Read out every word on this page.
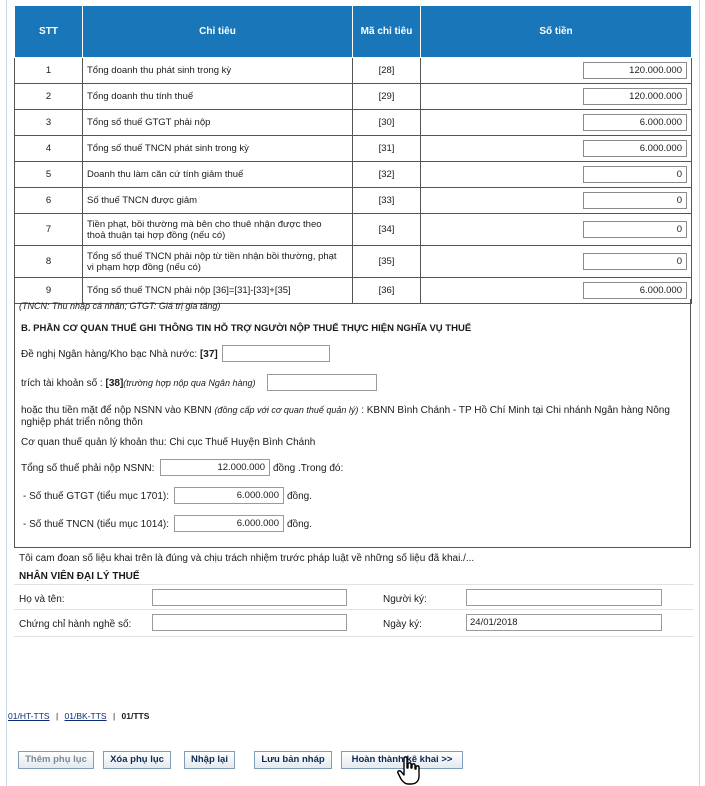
STT	Chỉ tiêu	Mã chỉ tiêu	Số tiền
1	Tổng doanh thu phát sinh trong kỳ	[28]	120.000.000
2	Tổng doanh thu tính thuế	[29]	120.000.000
3	Tổng số thuế GTGT phải nộp	[30]	6.000.000
4	Tổng số thuế TNCN phát sinh trong kỳ	[31]	6.000.000
5	Doanh thu làm căn cứ tính giảm thuế	[32]	0
6	Số thuế TNCN được giảm	[33]	0
7	Tiền phạt, bồi thường mà bên cho thuê nhận được theo
thoả thuận tại hợp đồng (nếu có)	[34]	0
8	Tổng số thuế TNCN phải nộp từ tiền nhận bồi thường, phạt
vi phạm hợp đồng (nếu có)	[35]	0
9	Tổng số thuế TNCN phải nộp [36]=[31]-[33]+[35]	[36]	6.000.000
(TNCN: Thu nhập cá nhân; GTGT: Giá trị gia tăng)
B. PHẦN CƠ QUAN THUẾ GHI THÔNG TIN HỖ TRỢ NGƯỜI NỘP THUẾ THỰC HIỆN NGHĨA VỤ THUẾ
Đề nghị Ngân hàng/Kho bạc Nhà nước: [37]
trích tài khoản số : [38](trường hợp nộp qua Ngân hàng)
hoặc thu tiền mặt để nộp NSNN vào KBNN (đồng cấp với cơ quan thuế quản lý) : KBNN Bình Chánh - TP Hồ Chí Minh tại Chi nhánh Ngân hàng Nông
nghiệp phát triển nông thôn
Cơ quan thuế quản lý khoản thu: Chi cục Thuế Huyện Bình Chánh
Tổng số thuế phải nộp NSNN:	12.000.000 đồng .Trong đó:
- Số thuế GTGT (tiểu mục 1701):	6.000.000 đồng.
- Số thuế TNCN (tiểu mục 1014):	6.000.000 đồng.
Tôi cam đoan số liệu khai trên là đúng và chịu trách nhiệm trước pháp luật về những số liệu đã khai./...
NHÂN VIÊN ĐẠI LÝ THUẾ
Họ và tên:	Người ký:
Chứng chỉ hành nghề số:	Ngày ký:	24/01/2018
01/HT-TTS | 01/BK-TTS | 01/TTS
Thêm phụ lục	Xóa phụ lục	Nhập lại	Lưu bản nháp	Hoàn thành kê khai >>
